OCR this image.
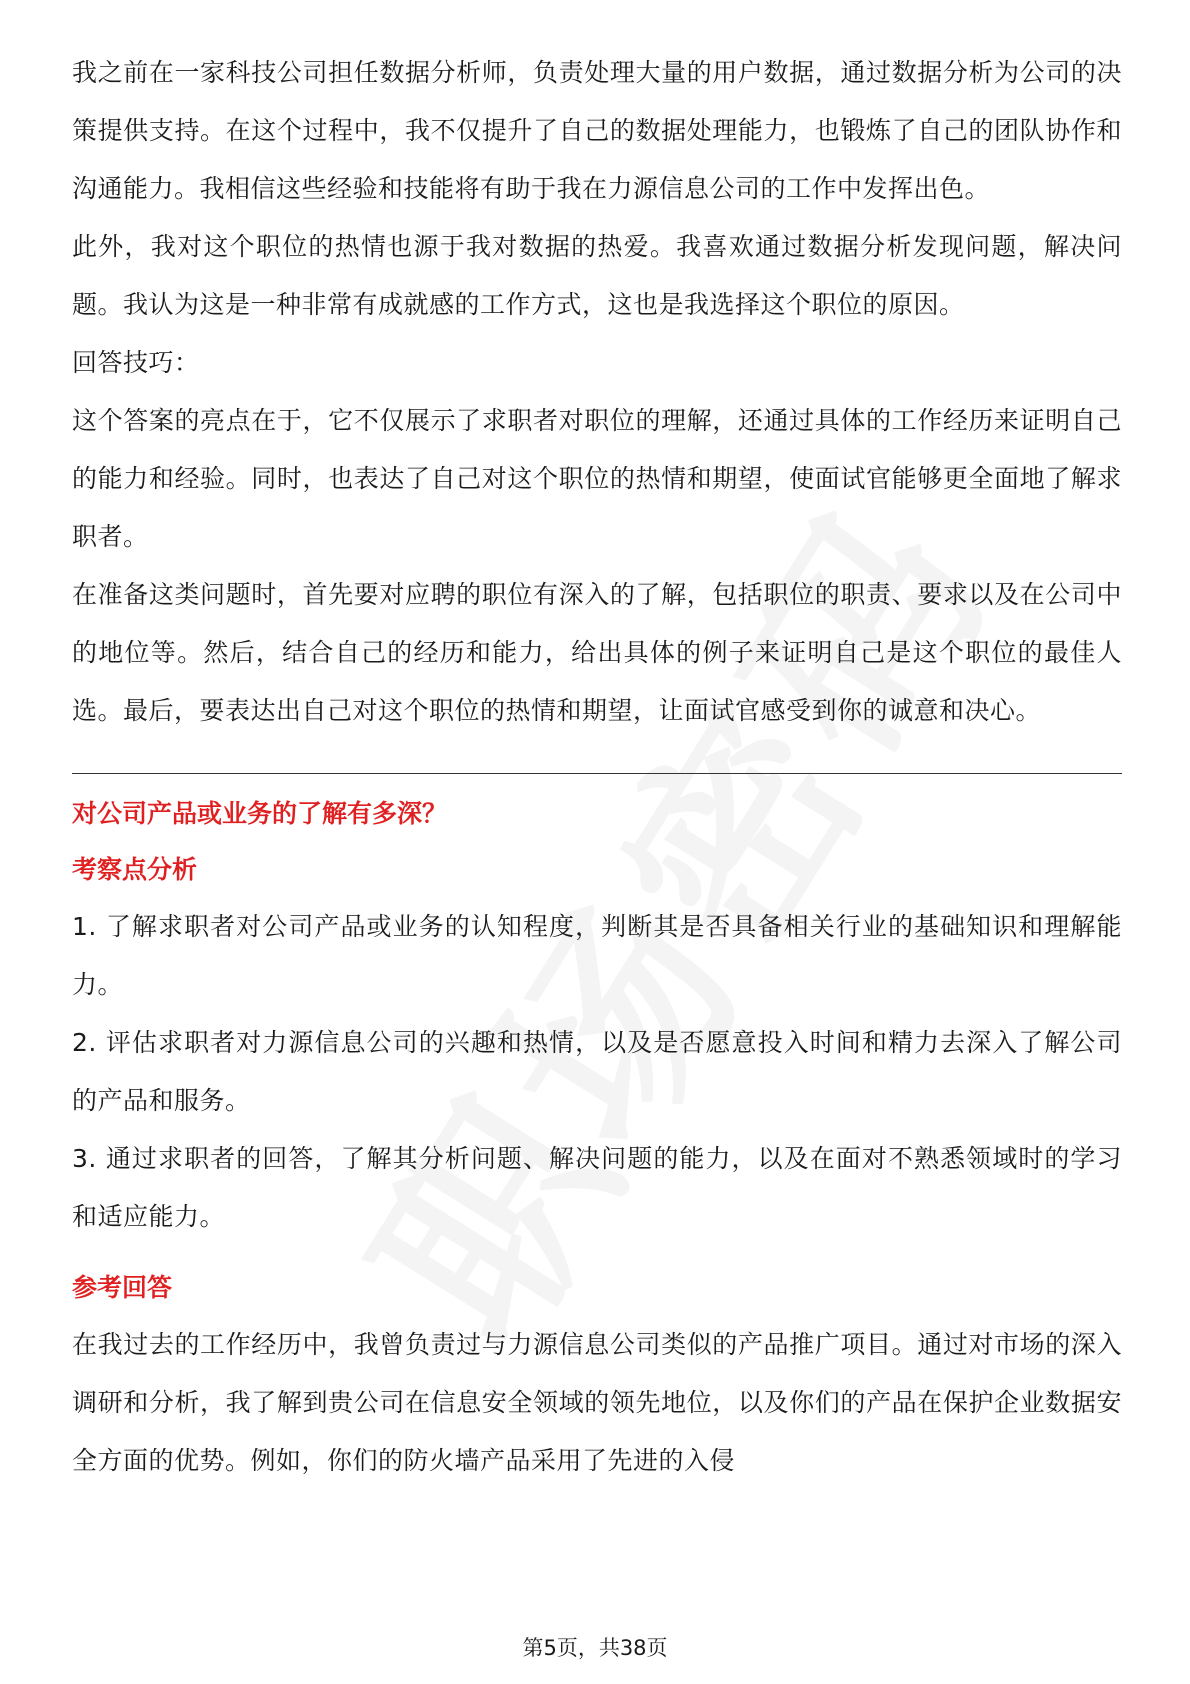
我之前在一家科技公司担任数据分析师，负责处理大量的用户数据，通过数据分析为公司的决策提供支持。在这个过程中，我不仅提升了自己的数据处理能力，也锻炼了自己的团队协作和沟通能力。我相信这些经验和技能将有助于我在力源信息公司的工作中发挥出色。

此外，我对这个职位的热情也源于我对数据的热爱。我喜欢通过数据分析发现问题，解决问题。我认为这是一种非常有成就感的工作方式，这也是我选择这个职位的原因。

回答技巧：

这个答案的亮点在于，它不仅展示了求职者对职位的理解，还通过具体的工作经历来证明自己的能力和经验。同时，也表达了自己对这个职位的热情和期望，使面试官能够更全面地了解求职者。

在准备这类问题时，首先要对应聘的职位有深入的了解，包括职位的职责、要求以及在公司中的地位等。然后，结合自己的经历和能力，给出具体的例子来证明自己是这个职位的最佳人选。最后，要表达出自己对这个职位的热情和期望，让面试官感受到你的诚意和决心。

对公司产品或业务的了解有多深？

考察点分析

1. 了解求职者对公司产品或业务的认知程度，判断其是否具备相关行业的基础知识和理解能力。

2. 评估求职者对力源信息公司的兴趣和热情，以及是否愿意投入时间和精力去深入了解公司的产品和服务。

3. 通过求职者的回答，了解其分析问题、解决问题的能力，以及在面对不熟悉领域时的学习和适应能力。

参考回答

在我过去的工作经历中，我曾负责过与力源信息公司类似的产品推广项目。通过对市场的深入调研和分析，我了解到贵公司在信息安全领域的领先地位，以及你们的产品在保护企业数据安全方面的优势。例如，你们的防火墙产品采用了先进的入侵

第5页，共38页
